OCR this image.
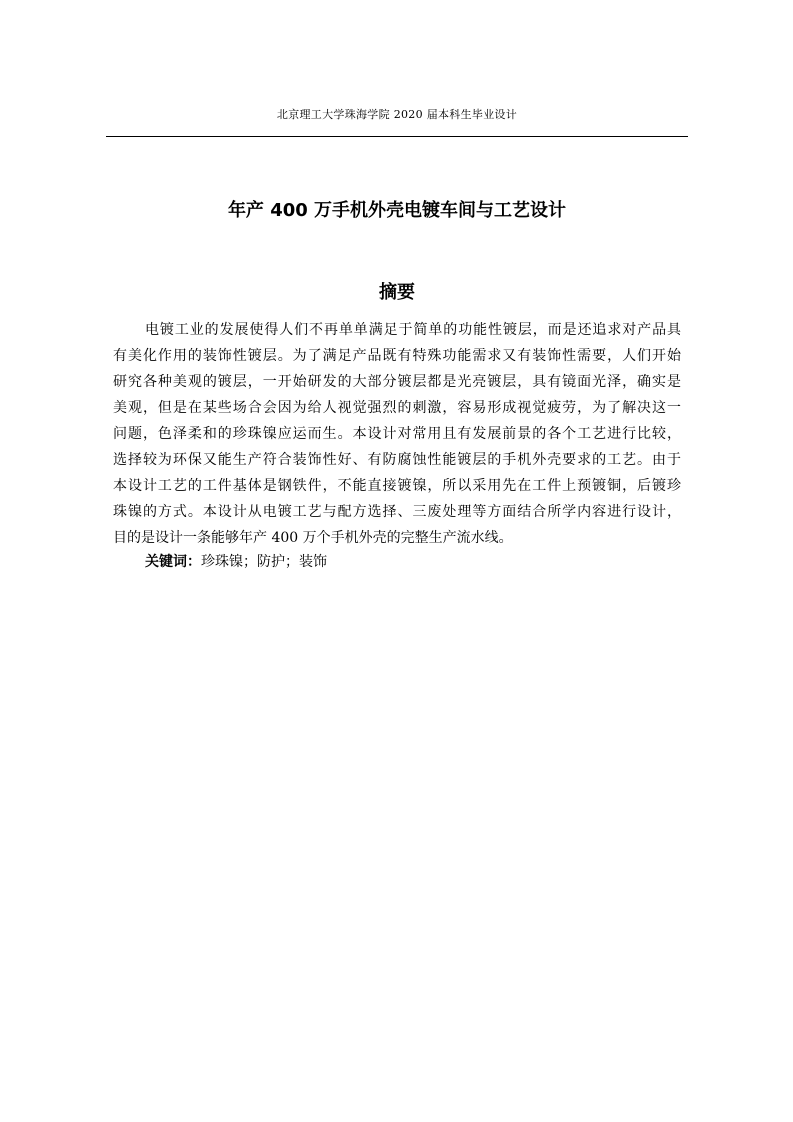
北京理工大学珠海学院 2020 届本科生毕业设计
年产 400 万手机外壳电镀车间与工艺设计
摘要
电镀工业的发展使得人们不再单单满足于简单的功能性镀层，而是还追求对产品具
有美化作用的装饰性镀层。为了满足产品既有特殊功能需求又有装饰性需要，人们开始
研究各种美观的镀层，一开始研发的大部分镀层都是光亮镀层，具有镜面光泽，确实是
美观，但是在某些场合会因为给人视觉强烈的刺激，容易形成视觉疲劳，为了解决这一
问题，色泽柔和的珍珠镍应运而生。本设计对常用且有发展前景的各个工艺进行比较，
选择较为环保又能生产符合装饰性好、有防腐蚀性能镀层的手机外壳要求的工艺。由于
本设计工艺的工件基体是钢铁件，不能直接镀镍，所以采用先在工件上预镀铜，后镀珍
珠镍的方式。本设计从电镀工艺与配方选择、三废处理等方面结合所学内容进行设计，
目的是设计一条能够年产 400 万个手机外壳的完整生产流水线。

关键词：珍珠镍；防护；装饰
